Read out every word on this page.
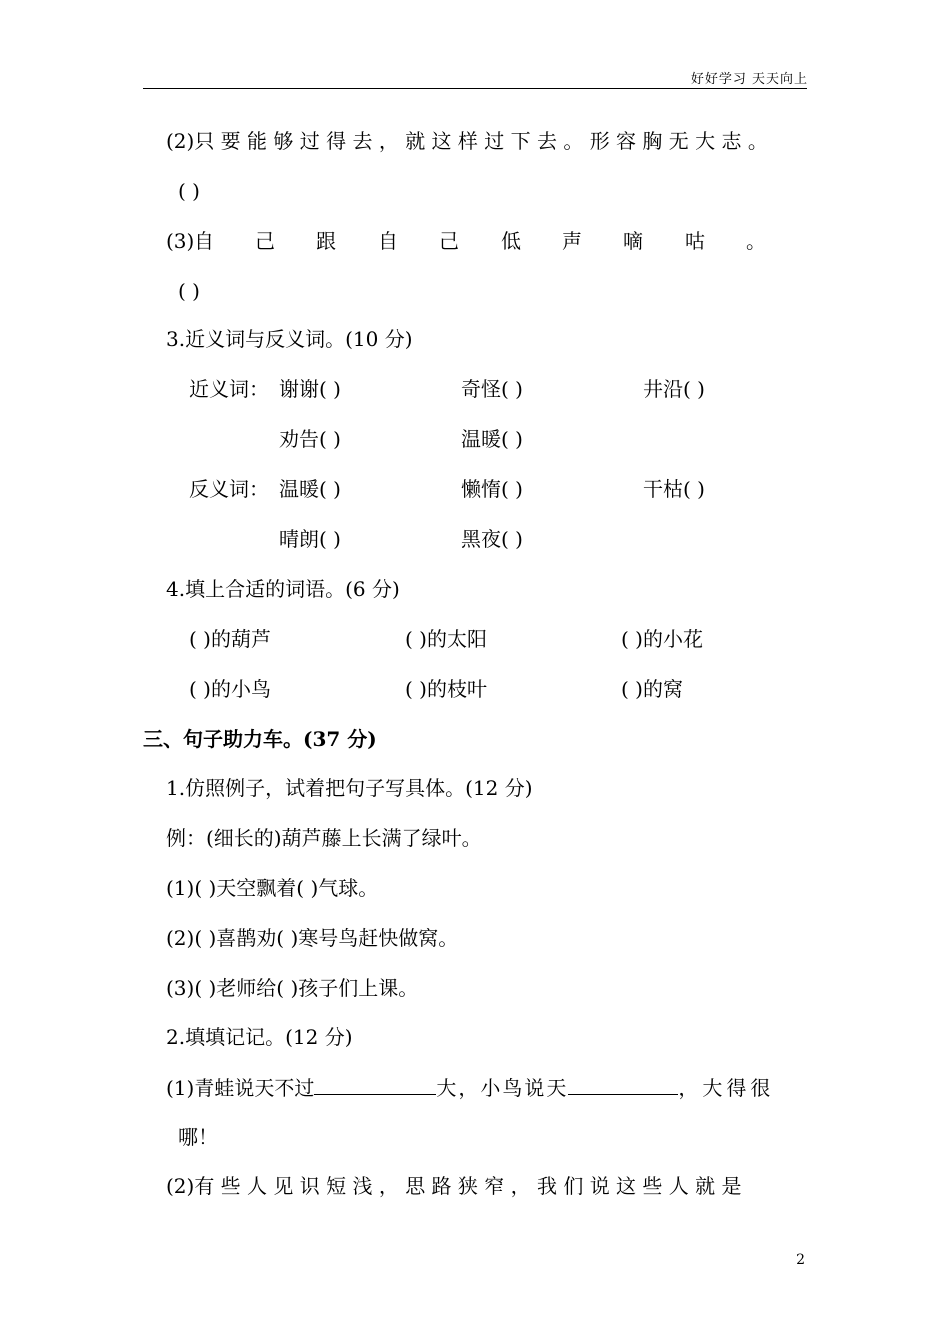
好好学习 天天向上
(2)只 要 能 够 过 得 去 ， 就 这 样 过 下 去 。 形 容 胸 无 大 志 。
( )
(3) 自 己 跟 自 己 低 声 嘀 咕 。
( )
3.近义词与反义词。(10 分)
近义词： 谢谢( )	奇怪( )	井沿( )
劝告( )	温暖( )
反义词： 温暖( )	懒惰( )	干枯( )
晴朗( )	黑夜( )
4.填上合适的词语。(6 分)
( )的葫芦	( )的太阳	( )的小花
( )的小鸟	( )的枝叶	( )的窝
三、句子助力车。(37 分)
1.仿照例子，试着把句子写具体。(12 分)
例：(细长的)葫芦藤上长满了绿叶。
(1)( )天空飘着( )气球。
(2)( )喜鹊劝( )寒号鸟赶快做窝。
(3)( )老师给( )孩子们上课。
2.填填记记。(12 分)
(1)青蛙说天不过	大，小鸟说天	，大得很
哪！
(2)有 些 人 见 识 短 浅 ， 思 路 狭 窄 ， 我 们 说 这 些 人 就 是
2
